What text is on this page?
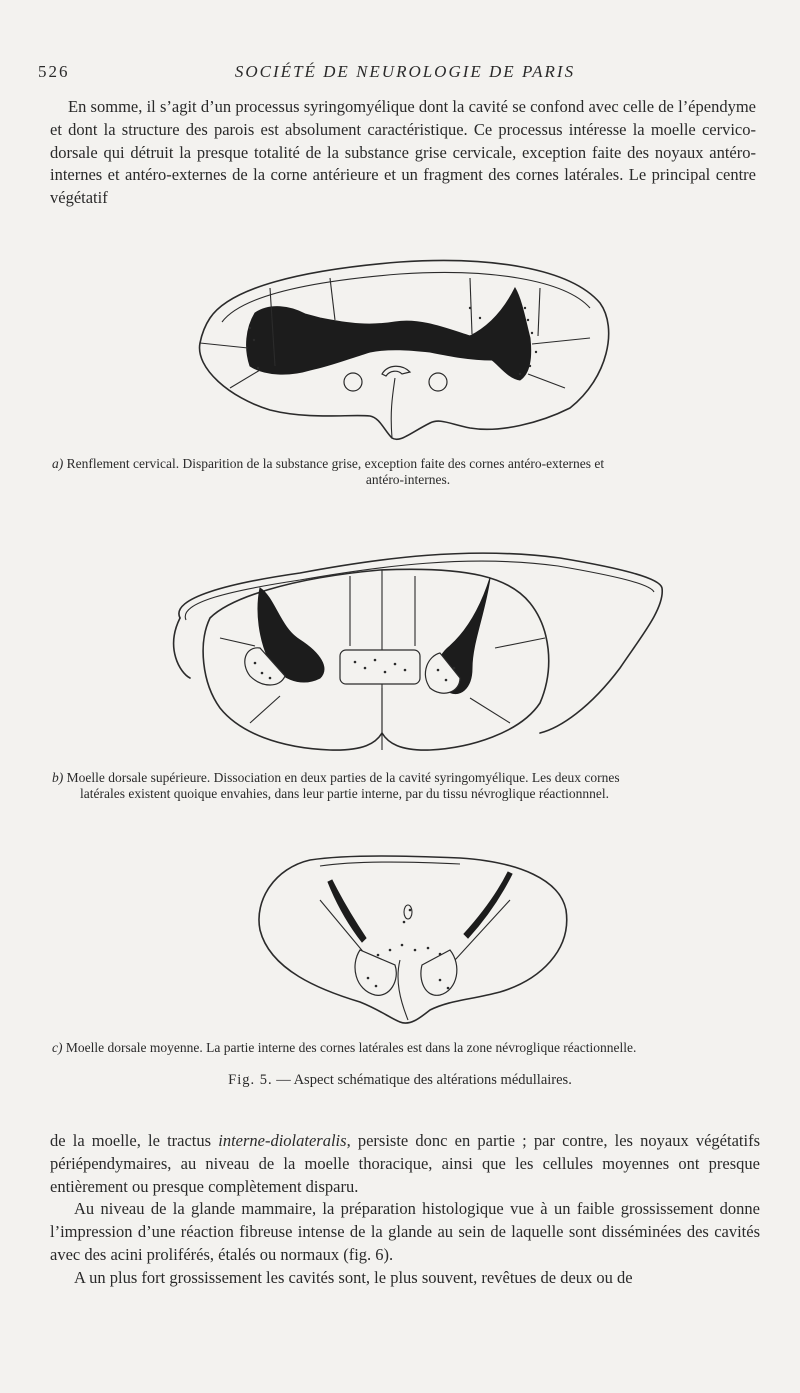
526	SOCIÉTÉ DE NEUROLOGIE DE PARIS
En somme, il s’agit d’un processus syringomyélique dont la cavité se confond avec celle de l’épendyme et dont la structure des parois est absolument caractéristique. Ce processus intéresse la moelle cervico-dorsale qui détruit la presque totalité de la substance grise cervicale, exception faite des noyaux antéro-internes et antéro-externes de la corne antérieure et un fragment des cornes latérales. Le principal centre végétatif
a) Renflement cervical. Disparition de la substance grise, exception faite des cornes antéro-externes et
antéro-internes.
b) Moelle dorsale supérieure. Dissociation en deux parties de la cavité syringomyélique. Les deux cornes
latérales existent quoique envahies, dans leur partie interne, par du tissu névroglique réactionnnel.
c) Moelle dorsale moyenne. La partie interne des cornes latérales est dans la zone névroglique réactionnelle.
Fig. 5. — Aspect schématique des altérations médullaires.

de la moelle, le tractus interne-diolateralis, persiste donc en partie ; par contre, les noyaux végétatifs périépendymaires, au niveau de la moelle thoracique, ainsi que les cellules moyennes ont presque entièrement ou presque complètement disparu.

Au niveau de la glande mammaire, la préparation histologique vue à un faible grossissement donne l’impression d’une réaction fibreuse intense de la glande au sein de laquelle sont disséminées des cavités avec des acini proliférés, étalés ou normaux (fig. 6).

A un plus fort grossissement les cavités sont, le plus souvent, revêtues de deux ou de
